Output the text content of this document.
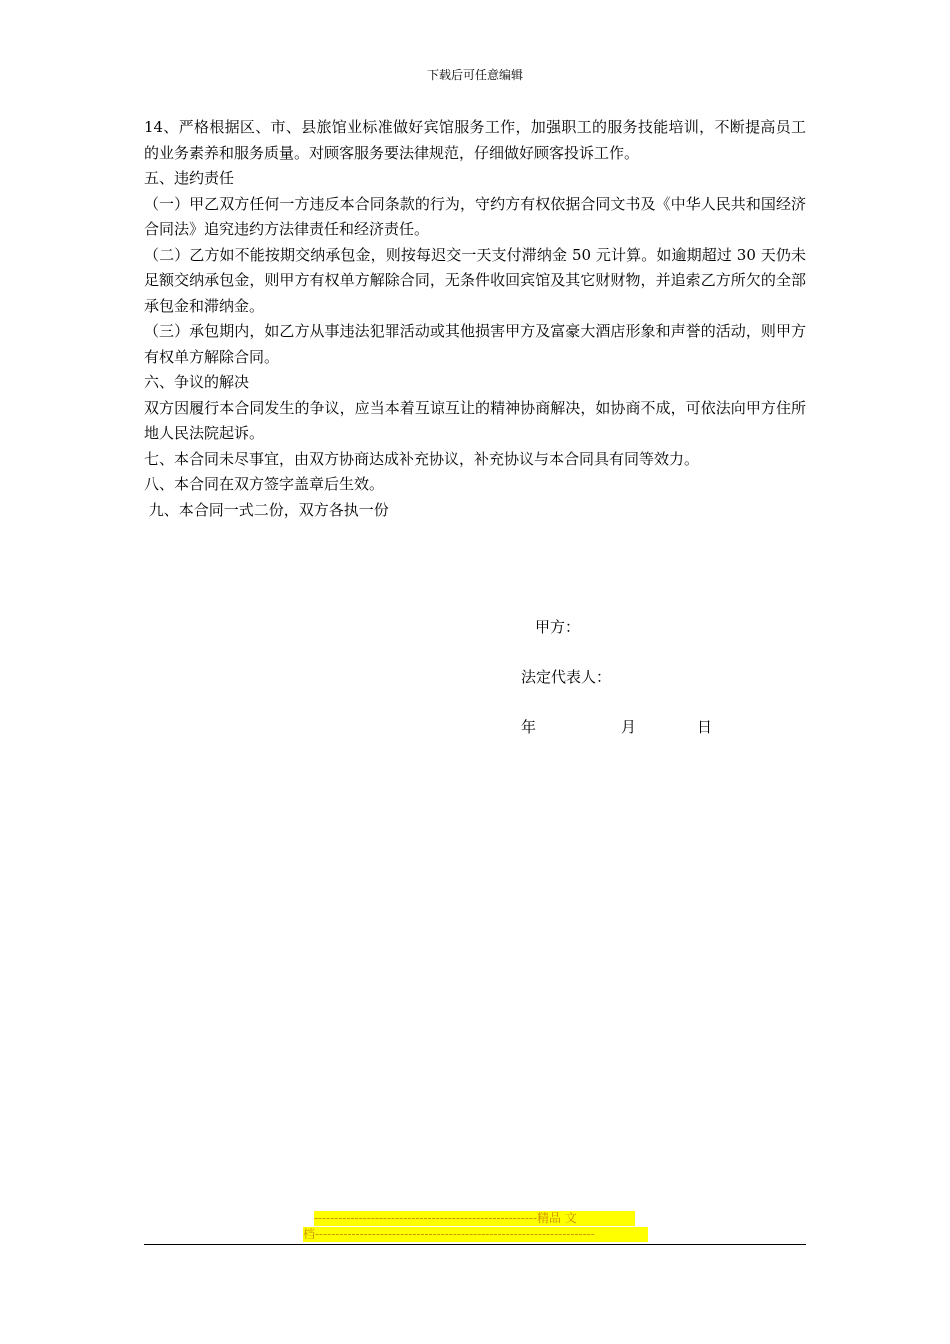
下载后可任意编辑

14、严格根据区、市、县旅馆业标准做好宾馆服务工作，加强职工的服务技能培训，不断提高员工的业务素养和服务质量。对顾客服务要法律规范，仔细做好顾客投诉工作。

五、违约责任

（一）甲乙双方任何一方违反本合同条款的行为，守约方有权依据合同文书及《中华人民共和国经济合同法》追究违约方法律责任和经济责任。

（二）乙方如不能按期交纳承包金，则按每迟交一天支付滞纳金 50 元计算。如逾期超过 30 天仍未足额交纳承包金，则甲方有权单方解除合同，无条件收回宾馆及其它财财物，并追索乙方所欠的全部承包金和滞纳金。

（三）承包期内，如乙方从事违法犯罪活动或其他损害甲方及富豪大酒店形象和声誉的活动，则甲方有权单方解除合同。

六、争议的解决

双方因履行本合同发生的争议，应当本着互谅互让的精神协商解决，如协商不成，可依法向甲方住所地人民法院起诉。

七、本合同未尽事宜，由双方协商达成补充协议，补充协议与本合同具有同等效力。

八、本合同在双方签字盖章后生效。

九、本合同一式二份，双方各执一份

甲方：
法定代表人：
年	月	日
-------------------------------------------------------精品 文
档---------------------------------------------------------------------
